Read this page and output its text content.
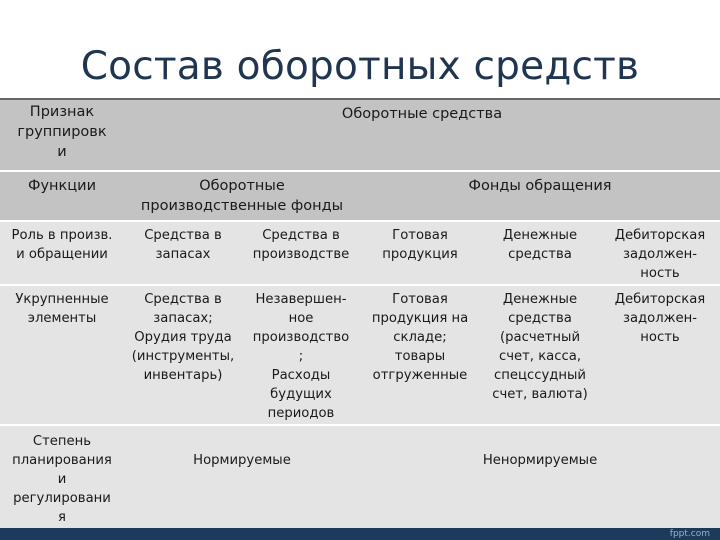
Состав оборотных средств
Признак
группировк
и
Оборотные средства
Функции	Оборотные
производственные фонды
Фонды обращения
Роль в произв.
и обращении
Средства в
запасах
Средства в
производстве
Готовая
продукция
Денежные
средства
Дебиторская
задолжен-
ность
Укрупненные
элементы
Средства в
запасах;
Орудия труда
(инструменты,
инвентарь)
Незавершен-
ное
производство
;
Расходы
будущих
периодов
Готовая
продукция на
складе;
товары
отгруженные
Денежные
средства
(расчетный
счет, касса,
спецссудный
счет, валюта)
Дебиторская
задолжен-
ность
Степень
планирования
и
регулировани
я
Нормируемые	Ненормируемые
fppt.com
